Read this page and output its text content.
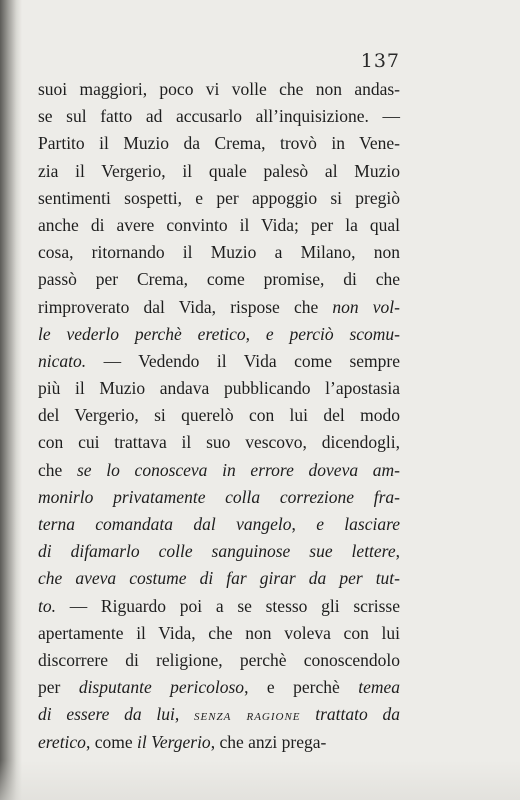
137
suoi maggiori, poco vi volle che non andas-
se sul fatto ad accusarlo all’inquisizione. —
Partito il Muzio da Crema, trovò in Vene-
zia il Vergerio, il quale palesò al Muzio
sentimenti sospetti, e per appoggio si pregiò
anche di avere convinto il Vida; per la qual
cosa, ritornando il Muzio a Milano, non
passò per Crema, come promise, di che
rimproverato dal Vida, rispose che non vol-
le vederlo perchè eretico, e perciò scomu-
nicato. — Vedendo il Vida come sempre
più il Muzio andava pubblicando l’apostasia
del Vergerio, si querelò con lui del modo
con cui trattava il suo vescovo, dicendogli,
che se lo conosceva in errore doveva am-
monirlo privatamente colla correzione fra-
terna comandata dal vangelo, e lasciare
di difamarlo colle sanguinose sue lettere,
che aveva costume di far girar da per tut-
to. — Riguardo poi a se stesso gli scrisse
apertamente il Vida, che non voleva con lui
discorrere di religione, perchè conoscendolo
per disputante pericoloso, e perchè temea
di essere da lui, senza ragione trattato da
eretico, come il Vergerio, che anzi prega-
